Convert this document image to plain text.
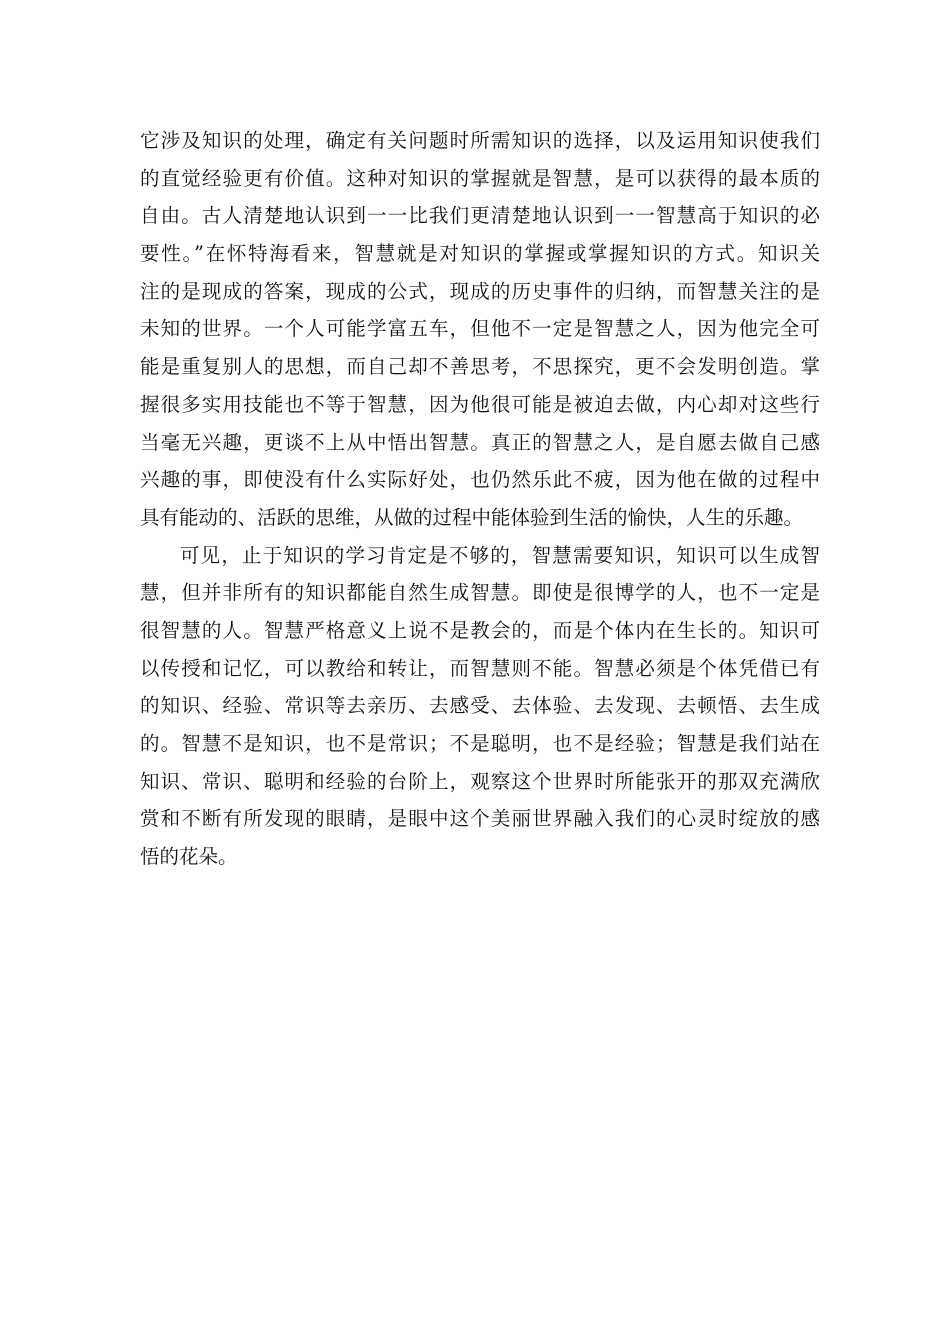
它涉及知识的处理，确定有关问题时所需知识的选择，以及运用知识使我们
的直觉经验更有价值。这种对知识的掌握就是智慧，是可以获得的最本质的
自由。古人清楚地认识到一一比我们更清楚地认识到一一智慧高于知识的必
要性。”在怀特海看来，智慧就是对知识的掌握或掌握知识的方式。知识关
注的是现成的答案，现成的公式，现成的历史事件的归纳，而智慧关注的是
未知的世界。一个人可能学富五车，但他不一定是智慧之人，因为他完全可
能是重复别人的思想，而自己却不善思考，不思探究，更不会发明创造。掌
握很多实用技能也不等于智慧，因为他很可能是被迫去做，内心却对这些行
当毫无兴趣，更谈不上从中悟出智慧。真正的智慧之人，是自愿去做自己感
兴趣的事，即使没有什么实际好处，也仍然乐此不疲，因为他在做的过程中
具有能动的、活跃的思维，从做的过程中能体验到生活的愉快，人生的乐趣。
可见，止于知识的学习肯定是不够的，智慧需要知识，知识可以生成智
慧，但并非所有的知识都能自然生成智慧。即使是很博学的人，也不一定是
很智慧的人。智慧严格意义上说不是教会的，而是个体内在生长的。知识可
以传授和记忆，可以教给和转让，而智慧则不能。智慧必须是个体凭借已有
的知识、经验、常识等去亲历、去感受、去体验、去发现、去顿悟、去生成
的。智慧不是知识，也不是常识；不是聪明，也不是经验；智慧是我们站在
知识、常识、聪明和经验的台阶上，观察这个世界时所能张开的那双充满欣
赏和不断有所发现的眼睛，是眼中这个美丽世界融入我们的心灵时绽放的感
悟的花朵。
